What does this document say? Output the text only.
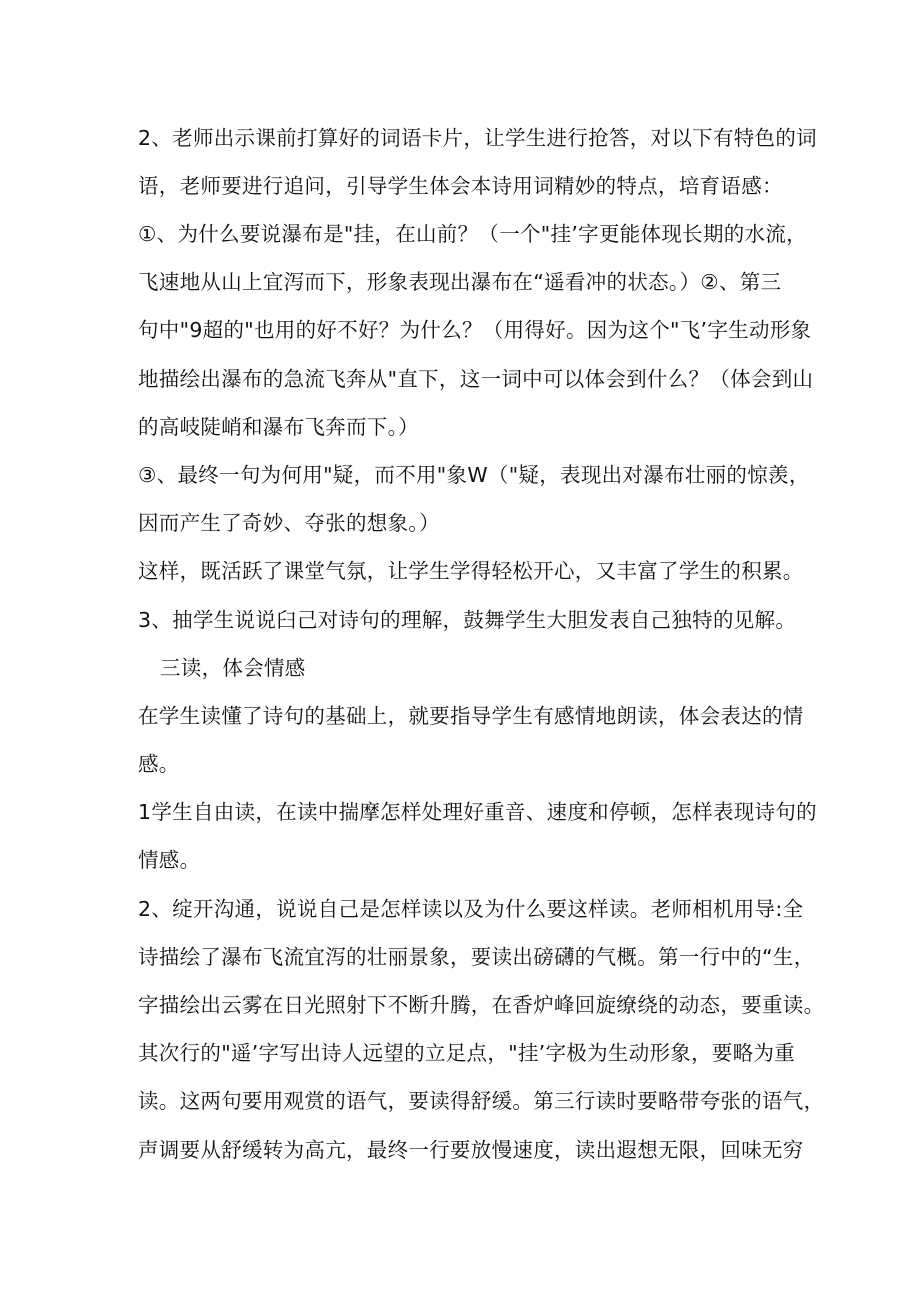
2、老师出示课前打算好的词语卡片，让学生进行抢答，对以下有特色的词
语，老师要进行追问，引导学生体会本诗用词精妙的特点，培育语感：
①、为什么要说瀑布是"挂，在山前？（一个"挂’字更能体现长期的水流，
飞速地从山上宜泻而下，形象表现出瀑布在“遥看冲的状态。）②、第三
句中"9超的"也用的好不好？为什么？（用得好。因为这个"飞’字生动形象
地描绘出瀑布的急流飞奔从"直下，这一词中可以体会到什么？（体会到山
的高岐陡峭和瀑布飞奔而下。）
③、最终一句为何用"疑，而不用"象W（"疑，表现出对瀑布壮丽的惊羡，
因而产生了奇妙、夺张的想象。）
这样，既活跃了课堂气氛，让学生学得轻松开心，又丰富了学生的积累。
3、抽学生说说臼己对诗句的理解，鼓舞学生大胆发表自己独特的见解。
三读，体会情感
在学生读懂了诗句的基础上，就要指导学生有感情地朗读，体会表达的情
感。
1学生自由读，在读中揣摩怎样处理好重音、速度和停顿，怎样表现诗句的
情感。
2、绽开沟通，说说自己是怎样读以及为什么要这样读。老师相机用导:全
诗描绘了瀑布飞流宜泻的壮丽景象，要读出磅礴的气概。第一行中的“生，
字描绘出云雾在日光照射下不断升腾，在香炉峰回旋缭绕的动态，要重读。
其次行的"遥’字写出诗人远望的立足点，"挂’字极为生动形象，要略为重
读。这两句要用观赏的语气，要读得舒缓。第三行读时要略带夸张的语气，
声调要从舒缓转为高亢，最终一行要放慢速度，读出遐想无限，回味无穷
